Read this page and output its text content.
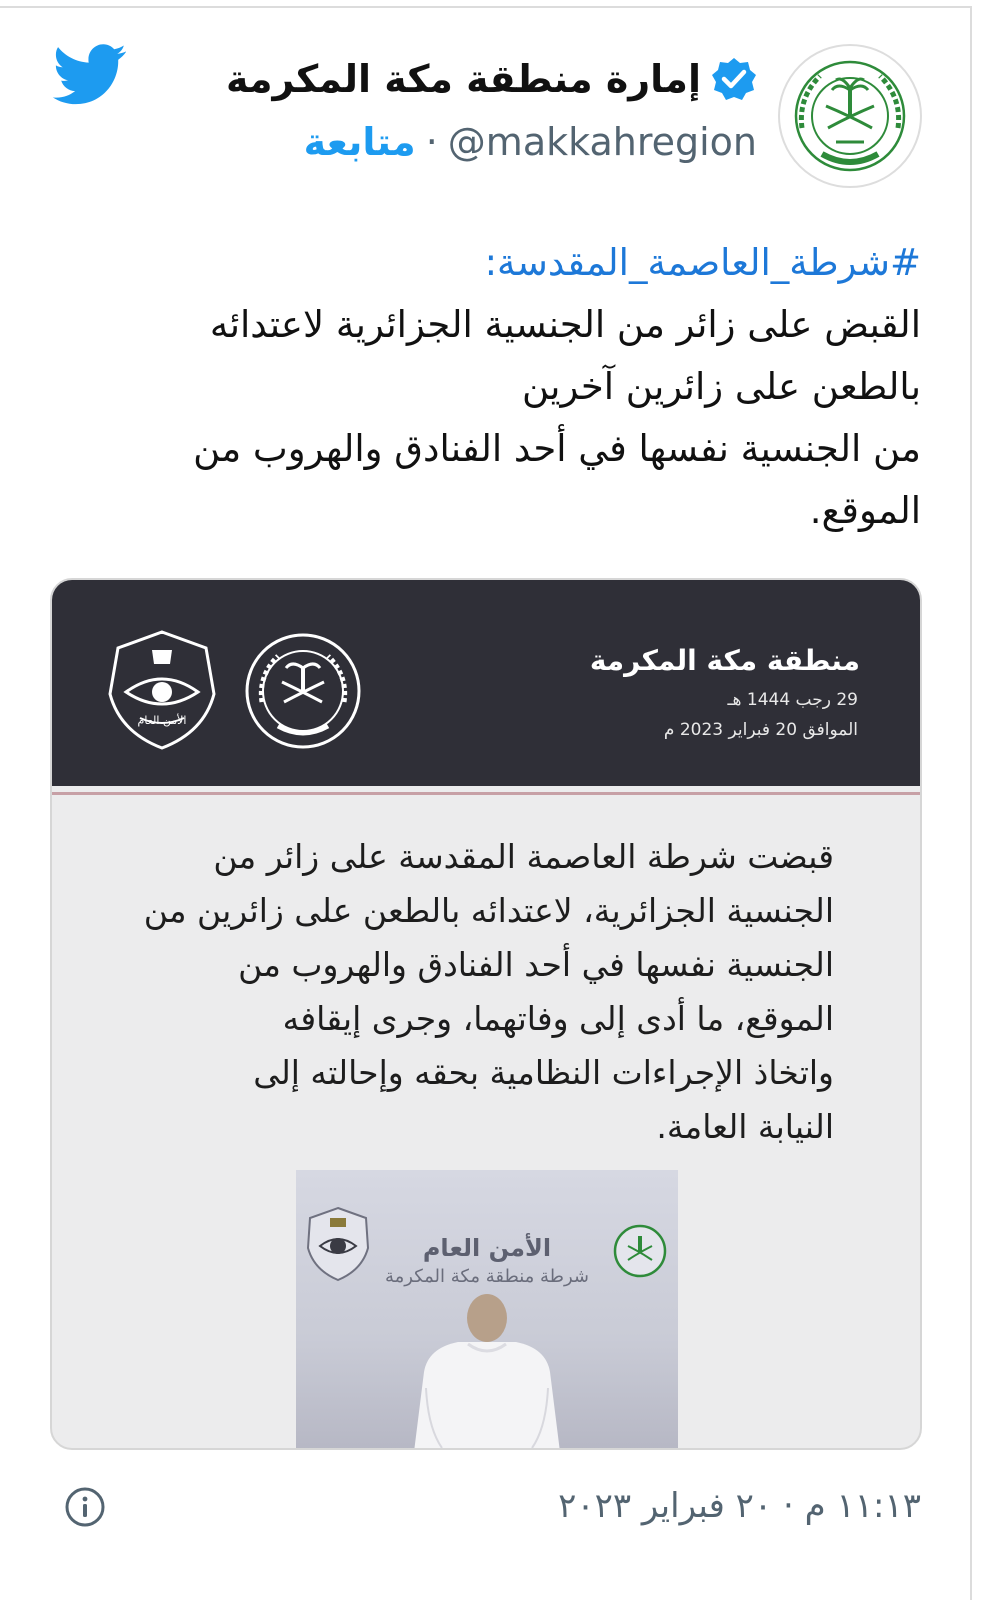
إمارة منطقة مكة المكرمة
@makkahregion
·
متابعة
#شرطة_العاصمة_المقدسة:
القبض على زائر من الجنسية الجزائرية لاعتدائه
بالطعن على زائرين آخرين
من الجنسية نفسها في أحد الفنادق والهروب من
الموقع.
منطقة مكة المكرمة
29 رجب 1444 هـ
الموافق 20 فبراير 2023 م
الأمن العام
قبضت شرطة العاصمة المقدسة على زائر من
الجنسية الجزائرية، لاعتدائه بالطعن على زائرين من
الجنسية نفسها في أحد الفنادق والهروب من
الموقع، ما أدى إلى وفاتهما، وجرى إيقافه
واتخاذ الإجراءات النظامية بحقه وإحالته إلى
النيابة العامة.
الأمن العام
شرطة منطقة مكة المكرمة
١١:١٣ م · ٢٠ فبراير ٢٠٢٣
